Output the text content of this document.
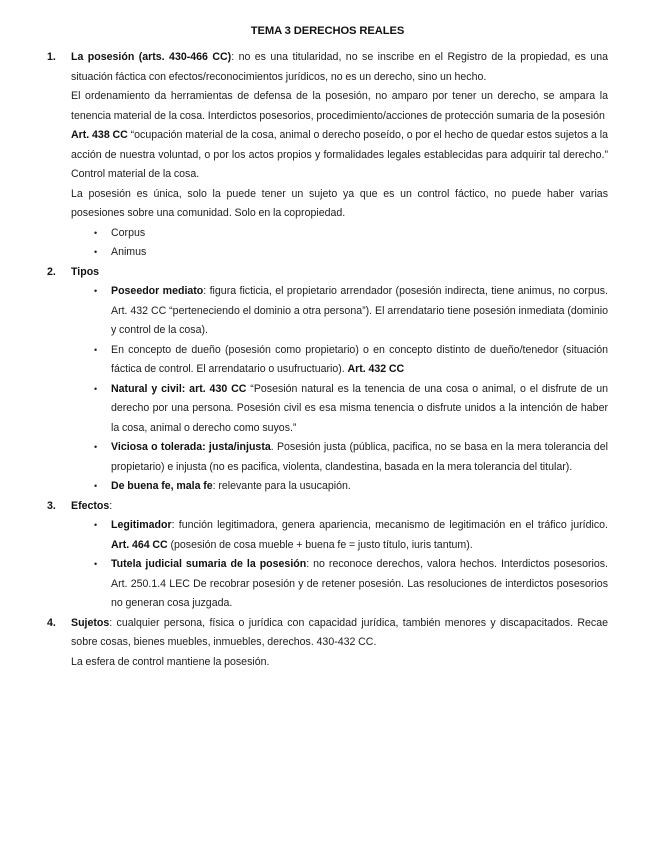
TEMA 3 DERECHOS REALES
1.	La posesión (arts. 430-466 CC): no es una titularidad, no se inscribe en el Registro de la propiedad, es una situación fáctica con efectos/reconocimientos jurídicos, no es un derecho, sino un hecho.

El ordenamiento da herramientas de defensa de la posesión, no amparo por tener un derecho, se ampara la tenencia material de la cosa. Interdictos posesorios, procedimiento/acciones de protección sumaria de la posesión

Art. 438 CC “ocupación material de la cosa, animal o derecho poseído, o por el hecho de quedar estos sujetos a la acción de nuestra voluntad, o por los actos propios y formalidades legales establecidas para adquirir tal derecho.” Control material de la cosa.

La posesión es única, solo la puede tener un sujeto ya que es un control fáctico, no puede haber varias posesiones sobre una comunidad. Solo en la copropiedad.

• Corpus

• Animus

2.	Tipos

• Poseedor mediato: figura ficticia, el propietario arrendador (posesión indirecta, tiene animus, no corpus. Art. 432 CC “perteneciendo el dominio a otra persona”). El arrendatario tiene posesión inmediata (dominio y control de la cosa).

• En concepto de dueño (posesión como propietario) o en concepto distinto de dueño/tenedor (situación fáctica de control. El arrendatario o usufructuario). Art. 432 CC

• Natural y civil: art. 430 CC “Posesión natural es la tenencia de una cosa o animal, o el disfrute de un derecho por una persona. Posesión civil es esa misma tenencia o disfrute unidos a la intención de haber la cosa, animal o derecho como suyos.”

• Viciosa o tolerada: justa/injusta. Posesión justa (pública, pacifica, no se basa en la mera tolerancia del propietario) e injusta (no es pacifica, violenta, clandestina, basada en la mera tolerancia del titular).

• De buena fe, mala fe: relevante para la usucapión.

3.	Efectos:

• Legitimador: función legitimadora, genera apariencia, mecanismo de legitimación en el tráfico jurídico. Art. 464 CC (posesión de cosa mueble + buena fe = justo título, iuris tantum).

• Tutela judicial sumaria de la posesión: no reconoce derechos, valora hechos. Interdictos posesorios. Art. 250.1.4 LEC De recobrar posesión y de retener posesión. Las resoluciones de interdictos posesorios no generan cosa juzgada.

4.	Sujetos: cualquier persona, física o jurídica con capacidad jurídica, también menores y discapacitados. Recae sobre cosas, bienes muebles, inmuebles, derechos. 430-432 CC.

La esfera de control mantiene la posesión.
